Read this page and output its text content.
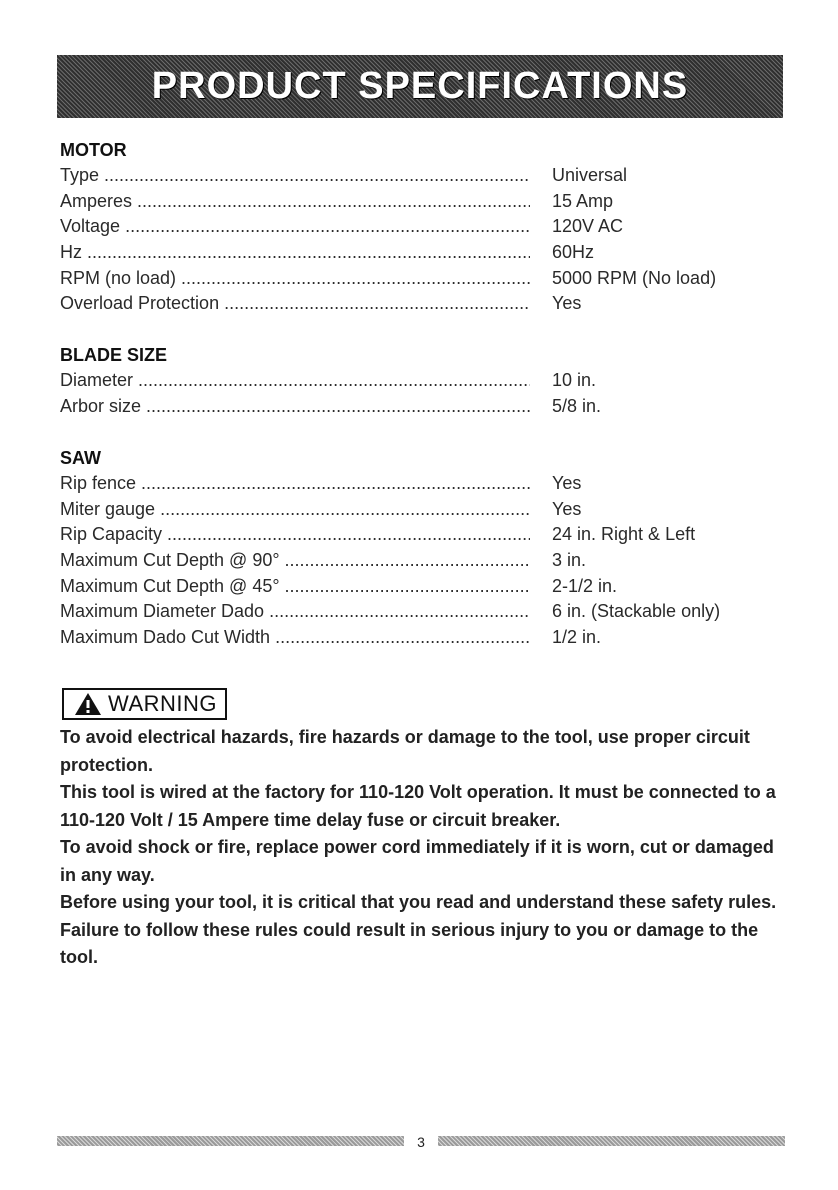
PRODUCT SPECIFICATIONS
MOTOR
Type .....	Universal
Amperes .....	15 Amp
Voltage .....	120V AC
Hz .....	60Hz
RPM (no load) .....	5000 RPM (No load)
Overload Protection .....	Yes
BLADE SIZE
Diameter .....	10 in.
Arbor size .....	5/8 in.
SAW
Rip fence .....	Yes
Miter gauge .....	Yes
Rip Capacity .....	24 in. Right & Left
Maximum Cut Depth @ 90° .....	3 in.
Maximum Cut Depth @ 45° .....	2-1/2 in.
Maximum Diameter Dado .....	6 in. (Stackable only)
Maximum Dado Cut Width .....	1/2 in.
WARNING

To avoid electrical hazards, fire hazards or damage to the tool, use proper circuit protection.

This tool is wired at the factory for 110-120 Volt operation. It must be connected to a 110-120 Volt / 15 Ampere time delay fuse or circuit breaker.

To avoid shock or fire, replace power cord immediately if it is worn, cut or damaged in any way.

Before using your tool, it is critical that you read and understand these safety rules. Failure to follow these rules could result in serious injury to you or damage to the tool.

3
